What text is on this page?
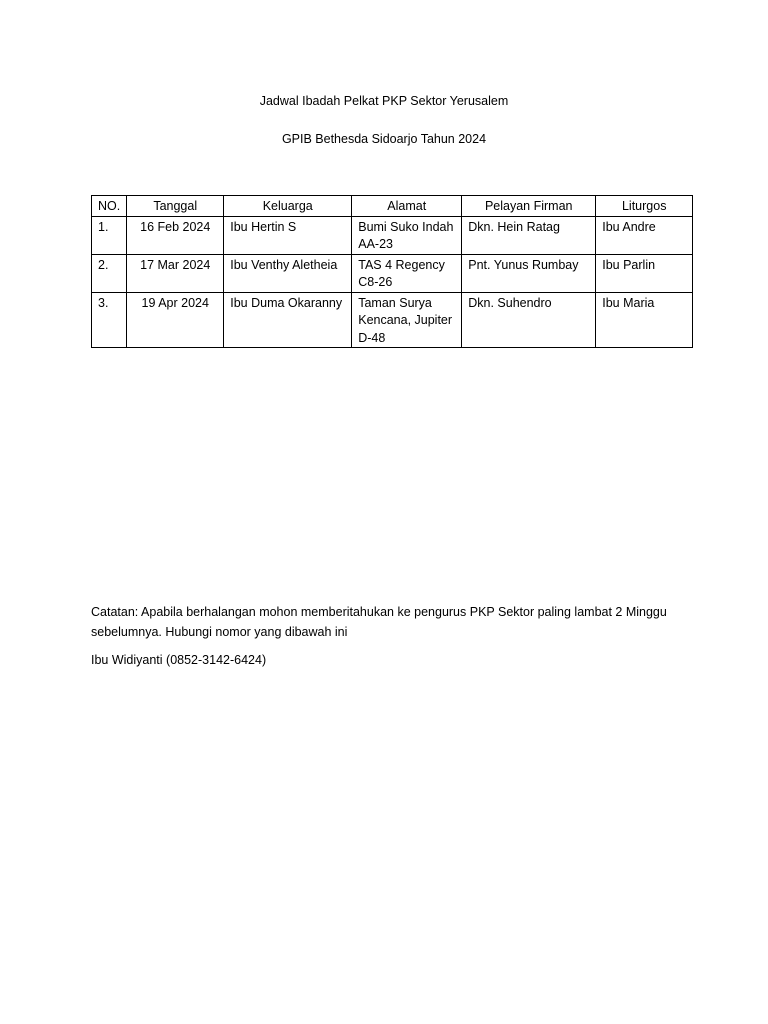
Jadwal Ibadah Pelkat PKP Sektor Yerusalem
GPIB Bethesda Sidoarjo Tahun 2024
NO.	Tanggal	Keluarga	Alamat	Pelayan Firman	Liturgos
1.	16 Feb 2024	Ibu Hertin S	Bumi Suko Indah AA-23	Dkn. Hein Ratag	Ibu Andre
2.	17 Mar 2024	Ibu Venthy Aletheia	TAS 4 Regency C8-26	Pnt. Yunus Rumbay	Ibu Parlin
3.	19 Apr 2024	Ibu Duma Okaranny	Taman Surya Kencana, Jupiter D-48	Dkn. Suhendro	Ibu Maria
Catatan: Apabila berhalangan mohon memberitahukan ke pengurus PKP Sektor paling lambat 2 Minggu sebelumnya. Hubungi nomor yang dibawah ini
Ibu Widiyanti (0852-3142-6424)
